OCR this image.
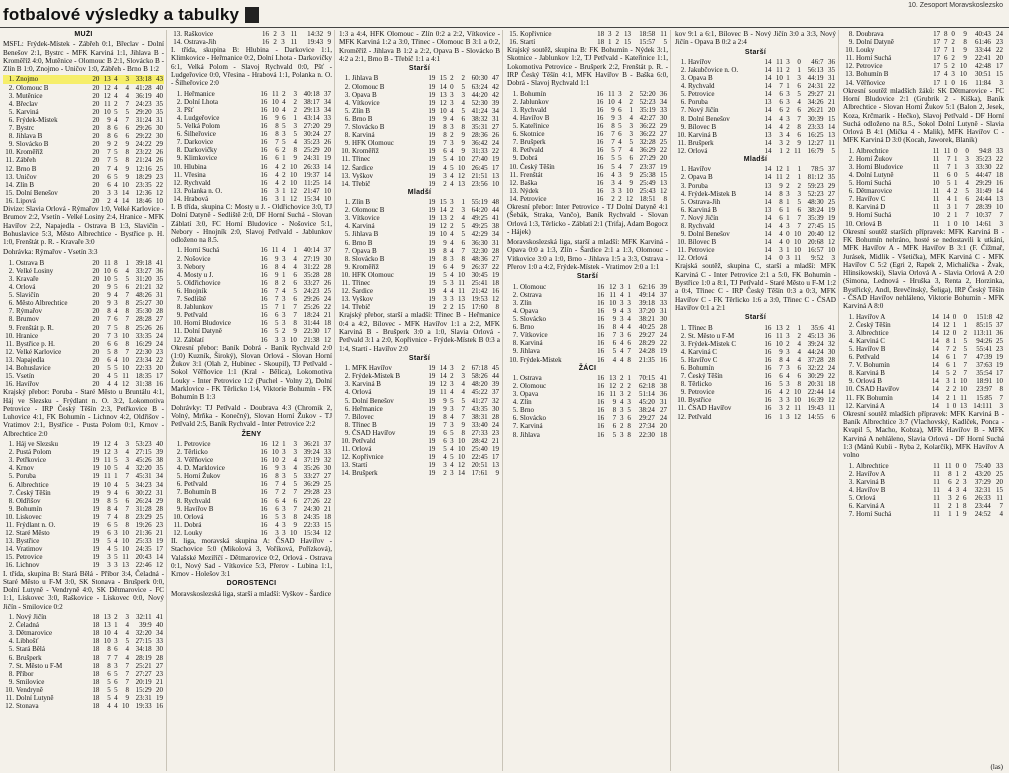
fotbalové výsledky a tabulky	10. Zesoport Moravskoslezsko
MUŽI
MSFL: Frýdek-Místek - Zábřeh 0:1, Břeclav - Dolní Benešov 2:1, Bystrc - MFK Karviná 1:1, Jihlava B - Kroměříž 4:0, Mutěnice - Olomouc B 2:1, Slovácko B - Zlín B 1:0, Znojmo - Uničov 1:0, Zábřeh - Brno B 1:2
1.	Znojmo	20	13	4	3	33:18	43
2.	Olomouc B	20	12	4	4	41:28	40
3.	Mutěnice	20	12	4	4	36:19	40
4.	Břeclav	20	11	2	7	24:23	35
5.	Karviná	20	10	5	5	29:20	35
6.	Frýdek-Místek	20	9	4	7	31:24	31
7.	Bystrc	20	8	6	6	29:26	30
8.	Jihlava B	20	8	6	6	29:22	30
9.	Slovácko B	20	9	2	9	24:22	29
10.	Kroměříž	20	7	5	8	23:22	26
11.	Zábřeh	20	7	5	8	21:24	26
12.	Brno B	20	7	4	9	12:16	25
13.	Uničov	20	6	5	9	18:29	23
14.	Zlín B	20	6	4	10	23:35	22
15.	Dolní Benešov	20	3	3	14	12:36	12
16.	Lipová	20	2	4	14	18:46	10
Divize: Slavia Orlová - Rýmařov 1:0, Velké Karlovice - Brumov 2:2, Vsetín - Velké Losiny 2:4, Hranice - MFK Havířov 2:2, Napajedla - Ostrava B 1:3, Slavičín - Bohuslavice 5:3, Město Albrechtice - Bystřice p. H. 1:0, Frenštát p. R. - Kravaře 3:0
Dohrávka: Rýmařov - Vsetín 3:3
1.	Ostrava B	20	11	8	1	39:18	41
2.	Velké Losiny	20	10	6	4	33:27	36
3.	Kravaře	20	10	5	5	31:20	35
4.	Orlová	20	9	5	6	21:21	32
5.	Slavičín	20	9	4	7	48:26	31
6.	Město Albrechtice	20	9	3	8	25:27	30
7.	Rýmařov	20	8	4	8	35:30	28
8.	Brumov	20	7	6	7	28:28	27
9.	Frenštát p. R.	20	7	5	8	25:26	26
10.	Hranice	20	7	3	10	33:35	24
11.	Bystřice p. H.	20	6	6	8	16:29	24
12.	Velké Karlovice	20	5	8	7	22:30	23
13.	Napajedla	20	6	4	10	23:34	22
14.	Bohuslavice	20	5	5	10	22:33	20
15.	Vsetín	20	4	5	11	18:35	17
16.	Havířov	20	4	4	12	31:38	16
Krajský přebor: Poruba - Staré Město u Bruntálu 4:1, Háj ve Slezsku - Frýdlant n. O. 3:2, Lokomotiva Petrovice - IRP Český Těšín 2:3, Petřkovice B - Luhovice 4:1, FK Bohumín - Lichnov 4:2, Oldřišov - Vratimov 2:1, Bystřice - Pusta Polom 0:1, Krnov - Albrechtice 2:0
1.	Háj ve Slezsku	19	12	4	3	53:23	40
2.	Pustá Polom	19	12	3	4	27:15	39
3.	Petřkovice	19	11	5	3	45:26	38
4.	Krnov	19	10	5	4	32:20	35
5.	Poruba	19	11	1	7	45:31	34
6.	Albrechtice	19	10	4	5	34:23	34
7.	Český Těšín	19	9	4	6	30:22	31
8.	Oldřišov	19	8	5	6	26:24	29
9.	Bohumín	19	8	4	7	31:28	28
10.	Liskovec	19	7	4	8	23:29	25
11.	Frýdlant n. O.	19	6	5	8	19:26	23
12.	Staré Město	19	6	3	10	21:36	21
13.	Bystřice	19	5	4	10	25:33	19
14.	Vratimov	19	4	5	10	24:35	17
15.	Petrovice	19	3	5	11	20:43	14
16.	Lichnov	19	3	3	13	22:46	12
I. třída, skupina B: Stará Bělá - Příbor 3:4, Čeladná - Staré Město u F-M 3:0, SK Stonava - Brušperk 0:0, Dolní Lutyně - Vendryně 4:0, SK Dětmarovice - FC 1:1, Lískovec 3:0, Raškovice - Lískovec 0:0, Nový Jičín - Smilovice 0:2
1.	Nový Jičín	18	13	2	3	32:11	41
2.	Čeladná	18	13	1	4	39:9	40
3.	Dětmarovice	18	10	4	4	32:20	34
4.	Libhošť	18	10	3	5	27:15	33
5.	Stará Bělá	18	8	6	4	34:18	30
6.	Brušperk	18	7	7	4	28:19	28
7.	St. Město u F-M	18	8	3	7	25:21	27
8.	Příbor	18	6	5	7	27:27	23
9.	Smilovice	18	5	6	7	20:19	21
10.	Vendryně	18	5	5	8	15:29	20
11.	Dolní Lutyně	18	5	4	9	23:31	19
12.	Stonava	18	4	4	10	19:33	16
13.	Raškovice	16	2	3	11	14:32	9
14.	Ostrava-Jih	16	2	3	11	19:43	9
I. třída, skupina B: Hlubina - Darkovice 1:1, Klimkovice - Heřmanice 0:2, Dolní Lhota - Darkovičky 6:1, Velká Polom - Slavoj Rychvald 0:0, Pšť - Ludgeřovice 0:0, Vřesina - Hrabová 1:1, Polanka n. O. - Šilheřovice 2:0
1.	Heřmanice	16	11	2	3	40:18	37
2.	Dolní Lhota	16	10	4	2	38:17	34
3.	Pšť	16	10	4	2	29:13	34
4.	Ludgeřovice	16	9	6	1	43:14	33
5.	Velká Polom	16	8	5	3	27:20	29
6.	Šilheřovice	16	8	3	5	30:24	27
7.	Darkovice	16	7	5	4	35:23	26
8.	Darkovičky	16	6	2	8	25:29	20
9.	Klimkovice	16	6	1	9	24:31	19
10.	Hlubina	16	4	2	10	26:33	14
11.	Vřesina	16	4	2	10	19:37	14
12.	Rychvald	16	4	2	10	11:25	14
13.	Polanka n. O.	16	3	1	12	21:47	10
14.	Hrabová	16	3	1	12	15:34	10
I. B třída, skupina C: Mosty u J. - Oldřichovice 3:0, TJ Dolní Datyně - Sedliště 2:0, DF Horní Suchá - Slovan Záblatí 3:0, FC Horní Bludovice - Nošovice 5:1, Nebory - Hnojník 2:0, Slavoj Petřvald - Jablunkov odloženo na 8.5.
1.	Horní Suchá	16	11	4	1	40:14	37
2.	Nošovice	16	9	3	4	27:19	30
3.	Nebory	16	8	4	4	31:22	28
4.	Mosty u J.	16	9	1	6	35:28	28
5.	Oldřichovice	16	8	2	6	33:27	26
6.	Hnojník	16	7	4	5	24:23	25
7.	Sedliště	16	7	3	6	29:26	24
8.	Jablunkov	15	7	1	7	25:26	22
9.	Petřvald	16	6	3	7	18:24	21
10.	Horní Bludovice	16	5	3	8	31:44	18
11.	Dolní Datyně	16	5	2	9	22:30	17
12.	Záblatí	16	3	3	10	21:38	12
Okresní přebor: Baník Dobrá - Baník Rychvald 2:0 (1:0) Kuzník, Široký), Slovan Orlová - Slovan Horní Žukov 3:1 (Olah 2, Hubinec - Skoupil), TJ Petřvald - Sokol Věřňovice 1:1 (Kral - Bělica), Lokomotiva Louky - Inter Petrovice 1:2 (Puchel - Volny 2), Dolní Marklovice - FK Těrlicko 1:4, Viktorie Bohumín - FK Bohumín B 1:3
Dohrávky: TJ Petřvald - Doubrava 4:3 (Chromik 2, Volný, Mrňka - Konečný), Slovan Horní Žukov - TJ Petřvald 2:5, Baník Rychvald - Inter Petrovice 2:2
ŽENY
1.	Petrovice	16	12	1	3	36:21	37
2.	Těrlicko	16	10	3	3	39:24	33
3.	Věřňovice	16	10	2	4	37:19	32
4.	D. Marklovice	16	9	3	4	35:26	30
5.	Horní Žukov	16	8	3	5	33:27	27
6.	Petřvald	16	7	4	5	36:29	25
7.	Bohumín B	16	7	2	7	29:28	23
8.	Rychvald	16	6	4	6	27:26	22
9.	Havířov B	16	6	3	7	24:30	21
10.	Orlová	16	5	3	8	24:35	18
11.	Dobrá	16	4	3	9	22:33	15
12.	Louky	16	3	3	10	15:34	12
II. liga, moravská skupina A: ČSAD Havířov - Stachovice 5:0 (Mikolová 3, Voříková, Pořízková), Valašské Meziříčí - Dětmarovice 0:2, Orlová - Ostrava 0:1, Nový Sad - Vítkovice 5:3, Přerov - Lubina 1:1, Krnov - Holešov 3:1
DOROSTENCI
Moravskoslezská liga, starší a mladší: Vyškov - Šardice
1:3 a 4:4, HFK Olomouc - Zlín 0:2 a 2:2, Vítkovice - MFK Karviná 1:2 a 3:0, Třinec - Olomouc B 3:1 a 0:2, Kroměříž - Jihlava B 1:2 a 2:2, Opava B - Slovácko B 4:2 a 2:1, Brno B - Třebíč 1:1 a 4:1
Starší
1.	Jihlava B	19	15	2	2	60:30	47
2.	Olomouc B	19	14	0	5	63:24	42
3.	Opava B	19	13	3	3	44:20	42
4.	Vítkovice	19	12	3	4	52:30	39
5.	Zlín B	19	10	4	5	41:24	34
6.	Brno B	19	9	4	6	38:32	31
7.	Slovácko B	19	8	3	8	35:31	27
8.	Karviná	19	8	2	9	28:36	26
9.	HFK Olomouc	19	7	3	9	36:42	24
10.	Kroměříž	19	6	4	9	31:33	22
11.	Třinec	19	5	4	10	27:40	19
12.	Šardice	19	4	5	10	26:45	17
13.	Vyškov	19	3	4	12	21:51	13
14.	Třebíč	19	2	4	13	23:56	10
Mladší
1.	Zlín B	19	15	3	1	55:19	48
2.	Olomouc B	19	14	2	3	64:20	44
3.	Vítkovice	19	13	2	4	49:25	41
4.	Karviná	19	12	2	5	49:25	38
5.	Jihlava B	19	10	4	5	42:29	34
6.	Brno B	19	9	4	6	36:30	31
7.	Opava B	19	8	4	7	32:30	28
8.	Slovácko B	19	8	3	8	48:36	27
9.	Kroměříž	19	6	4	9	26:37	22
10.	HFK Olomouc	19	5	4	10	30:45	19
11.	Třinec	19	5	3	11	25:41	18
12.	Šardice	19	4	4	11	21:42	16
13.	Vyškov	19	3	3	13	19:53	12
14.	Třebíč	19	2	2	15	17:60	8
Krajský přebor, starší a mladší: Třinec B - Heřmanice 0:4 a 4:2, Bílovec - MFK Havířov 1:1 a 2:2, MFK Karviná B - Brušperk 3:0 a 1:0, Slavia Orlová - Petřvald 3:1 a 2:0, Kopřivnice - Frýdek-Místek B 0:3 a 1:4, Startí - Havířov 2:0
Starší
1.	MFK Havířov	19	14	3	2	67:18	45
2.	Frýdek-Místek B	19	14	2	3	58:26	44
3.	Karviná B	19	12	3	4	48:20	39
4.	Orlová	19	11	4	4	45:22	37
5.	Dolní Benešov	19	9	5	5	41:27	32
6.	Heřmanice	19	9	3	7	43:35	30
7.	Bílovec	19	8	4	7	38:31	28
8.	Třinec B	19	7	3	9	33:40	24
9.	ČSAD Havířov	19	6	5	8	27:33	23
10.	Petřvald	19	6	3	10	28:42	21
11.	Orlová	19	5	4	10	25:40	19
12.	Kopřivnice	19	4	5	10	22:45	17
13.	Startí	19	3	4	12	20:51	13
14.	Brušperk	19	2	3	14	17:61	9
15.	Kopřivnice	18	3	2	13	18:58	11
16.	Startí	18	1	2	15	15:57	5
Krajský soutěž, skupina B: FK Bohumín - Nýdek 3:1, Skotnice - Jablunkov 1:2, TJ Petřvald - Kateřinice 1:1, Lokomotiva Petrovice - Brušperk 2:2, Frenštát p. R. - IRP Český Těšín 4:1, MFK Havířov B - Baška 6:0, Dobrá - Slavoj Rychvald 1:1
1.	Bohumín	16	11	3	2	52:20	36
2.	Jablunkov	16	10	4	2	52:23	34
3.	Rychvald	16	9	6	1	35:19	33
4.	Havířov B	16	9	3	4	42:27	30
5.	Kateřinice	16	8	5	3	36:22	29
6.	Skotnice	16	7	6	3	36:22	27
7.	Brušperk	16	7	4	5	32:28	25
8.	Petřvald	16	5	7	4	36:29	22
9.	Dobrá	16	5	5	6	27:29	20
10.	Český Těšín	16	5	4	7	23:37	19
11.	Frenštát	16	4	3	9	25:38	15
12.	Baška	16	3	4	9	25:49	13
13.	Nýdek	16	3	3	10	25:43	12
14.	Petrovice	16	2	2	12	18:51	8
Okresní přebor: Inter Petrovice - TJ Dolní Datyně 4:1 (Šebák, Straka, Vančo), Baník Rychvald - Slovan Orlová 1:3, Těrlicko - Záblatí 2:1 (Trifaj, Adam Bogocz - Hájek)
Moravskoslezská liga, starší a mladší: MFK Karviná - Opava 0:0 a 1:3, Zlín - Šardice 2:1 a 1:3, Olomouc - Vítkovice 3:0 a 1:0, Brno - Jihlava 1:5 a 3:3, Ostrava - Přerov 1:0 a 4:2, Frýdek-Místek - Vratimov 2:0 a 1:1
Starší
1.	Olomouc	16	12	3	1	62:16	39
2.	Ostrava	16	11	4	1	49:14	37
3.	Zlín	16	10	3	3	39:18	33
4.	Opava	16	9	4	3	37:20	31
5.	Slovácko	16	9	3	4	38:21	30
6.	Brno	16	8	4	4	40:25	28
7.	Vítkovice	16	7	3	6	29:27	24
8.	Karviná	16	6	4	6	28:29	22
9.	Jihlava	16	5	4	7	24:28	19
10.	Frýdek-Místek	16	4	4	8	21:35	16
ŽÁCI
1.	Ostrava	16	13	2	1	70:15	41
2.	Olomouc	16	12	2	2	62:18	38
3.	Opava	16	11	3	2	51:14	36
4.	Zlín	16	9	4	3	45:20	31
5.	Brno	16	8	3	5	38:24	27
6.	Slovácko	16	7	3	6	29:27	24
7.	Karviná	16	6	2	8	27:34	20
8.	Jihlava	16	5	3	8	22:30	18
kov 9:1 a 6:1, Bílovec B - Nový Jičín 3:0 a 3:3, Nový Jičín - Opava B 0:2 a 2:4
Starší
1.	Havířov	14	11	3	0	46:7	36
2.	Jakubčovice n. O.	14	11	2	1	56:13	35
3.	Opava B	14	10	1	3	44:19	31
4.	Rychvald	14	7	1	6	24:31	22
5.	Petrovice	14	6	3	5	29:27	21
6.	Poruba	13	6	3	4	34:26	21
7.	Nový Jičín	14	6	2	6	26:21	20
8.	Dolní Benešov	14	4	3	7	30:39	15
9.	Bílovec B	14	4	2	8	23:33	14
10.	Karviná B	13	3	4	6	16:25	13
11.	Brušperk	14	3	2	9	12:27	11
12.	Orlová	14	1	2	11	16:79	5
Mladší
1.	Havířov	14	12	1	1	78:5	37
2.	Opava B	14	11	2	1	81:12	35
3.	Poruba	13	9	2	2	59:23	29
4.	Frýdek-Místek B	14	8	3	3	52:23	27
5.	Ostrava-Jih	14	8	1	5	48:30	25
6.	Karviná B	13	6	1	6	38:24	19
7.	Nový Jičín	14	6	1	7	35:39	19
8.	Rychvald	14	4	3	7	27:45	15
9.	Dolní Benešov	14	4	0	10	20:40	12
10.	Bílovec B	14	4	0	10	20:68	12
11.	Petrovice	14	3	1	10	16:57	10
12.	Orlová	14	0	3	11	9:52	3
Krajská soutěž, skupina C, starší a mladší: MFK Karviná C - Inter Petrovice 2:1 a 5:0, FK Bohumín - Bystřice 1:0 a 8:1, TJ Petřvald - Staré Město u F-M 1:2 a 0:4, Třinec C - IRP Český Těšín 0:3 a 0:3, MFK Havířov C - FK Těrlicko 1:6 a 3:0, Třinec C - ČSAD Havířov 0:1 a 2:1
Starší
1.	Třinec B	16	13	2	1	35:6	41
2.	St. Město u F-M	16	11	3	2	45:13	36
3.	Frýdek-Místek C	16	10	2	4	39:24	32
4.	Karviná C	16	9	3	4	44:24	30
5.	Havířov C	16	8	4	4	37:28	28
6.	Bohumín	16	7	3	6	32:22	24
7.	Český Těšín	16	6	4	6	30:29	22
8.	Těrlicko	16	5	3	8	20:31	18
9.	Petrovice	16	4	2	10	22:44	14
10.	Bystřice	16	3	3	10	16:39	12
11.	ČSAD Havířov	16	3	2	11	19:43	11
12.	Petřvald	16	1	3	12	14:55	6
8.	Doubrava	17	8	0	9	40:43	24
9.	Dolní Datyně	17	7	2	8	61:46	23
10.	Louky	17	7	1	9	33:44	22
11.	Horní Suchá	17	6	2	9	22:41	20
12.	Petrovice	17	5	2	10	42:48	17
13.	Bohumín B	17	4	3	10	30:51	15
14.	Věřňovice	17	1	0	16	11:84	3
Okresní soutěž mladších žáků: SK Dětmarovice - FC Horní Bludovice 2:1 (Grubrik 2 - Kiška), Baník Albrechtice - Slovan Horní Žukov 5:1 (Balon 2, Jesek, Koza, Krčmarik - Hečko), Slavoj Petřvald - DF Horní Suchá odloženo na 8.5., Sokol Dolní Lutyně - Slavia Orlová B 4:1 (Mička 4 - Malik), MFK Havířov C - MFK Karviná D 3:0 (Kocah, Jaworek, Blanik)
1.	Albrechtice	11	11	0	0	94:8	33
2.	Horní Žukov	11	7	1	3	35:23	22
3.	Horní Bludovice	11	7	1	3	33:30	22
4.	Dolní Lutyně	11	6	0	5	44:47	18
5.	Horní Suchá	10	5	1	4	29:29	16
6.	Dětmarovice	11	4	2	5	31:49	14
7.	Havířov C	11	4	1	6	24:44	13
8.	Karviná D	11	3	1	7	28:39	10
9.	Horní Suchá	10	2	1	7	10:37	7
10.	Orlová B	11	1	0	10	14:61	3
Okresní soutěž starších přípravek: MFK Karviná B - FK Bohumín nehráno, hosté se nedostavili k utkání, MFK Havířov A - MFK Havířov B 3:1 (F. Čížmař, Jurásek, Midlik - Všetička), MFK Karviná C - MFK Havířov C 5:2 (Egri 2, Rapek 2, Michalička - Žvak, Hlinsikowski), Slavia Orlová A - Slavia Orlová A 2:0 (Simona, Lednová - Hruška 3, Renta 2, Horzinka, Bystřický, Andl, Brevčínský, Šeliga), IRP Český Těšín - ČSAD Havířov nehláleno, Viktorie Bohumín - MFK Karviná A 8:0
1.	Havířov A	14	14	0	0	151:8	42
2.	Český Těšín	14	12	1	1	85:15	37
3.	Albrechtice	14	12	0	2	113:11	36
4.	Karviná C	14	8	1	5	94:26	25
5.	Havířov B	14	7	2	5	55:41	23
6.	Petřvald	14	6	1	7	47:39	19
7.	V. Bohumín	14	6	1	7	37:63	19
8.	Karviná B	14	5	2	7	35:54	17
9.	Orlová B	14	3	1	10	18:91	10
10.	ČSAD Havířov	14	2	2	10	23:97	8
11.	FK Bohumín	14	2	1	11	15:85	7
12.	Karviná A	14	1	0	13	14:111	3
Okresní soutěž mladších přípravek: MFK Karviná B - Baník Albrechtice 3:7 (Vlachovský, Kadlček, Ponca - Kvapil 5, Macho, Kobza), MFK Havířov B - MFK Karviná A nehláleno, Slavia Orlová - DF Horní Suchá 1:3 (Mánů Kubíi - Ryba 2, Kolarčík), MFK Havířov A volno
1.	Albrechtice	11	11	0	0	75:40	33
2.	Havířov A	11	8	1	2	43:20	25
3.	Karviná B	11	6	2	3	37:29	20
4.	Havířov B	11	4	3	4	32:31	15
5.	Orlová	11	3	2	6	26:33	11
6.	Karviná A	11	2	1	8	23:44	7
7.	Horní Suchá	11	1	1	9	24:52	4
(las)
